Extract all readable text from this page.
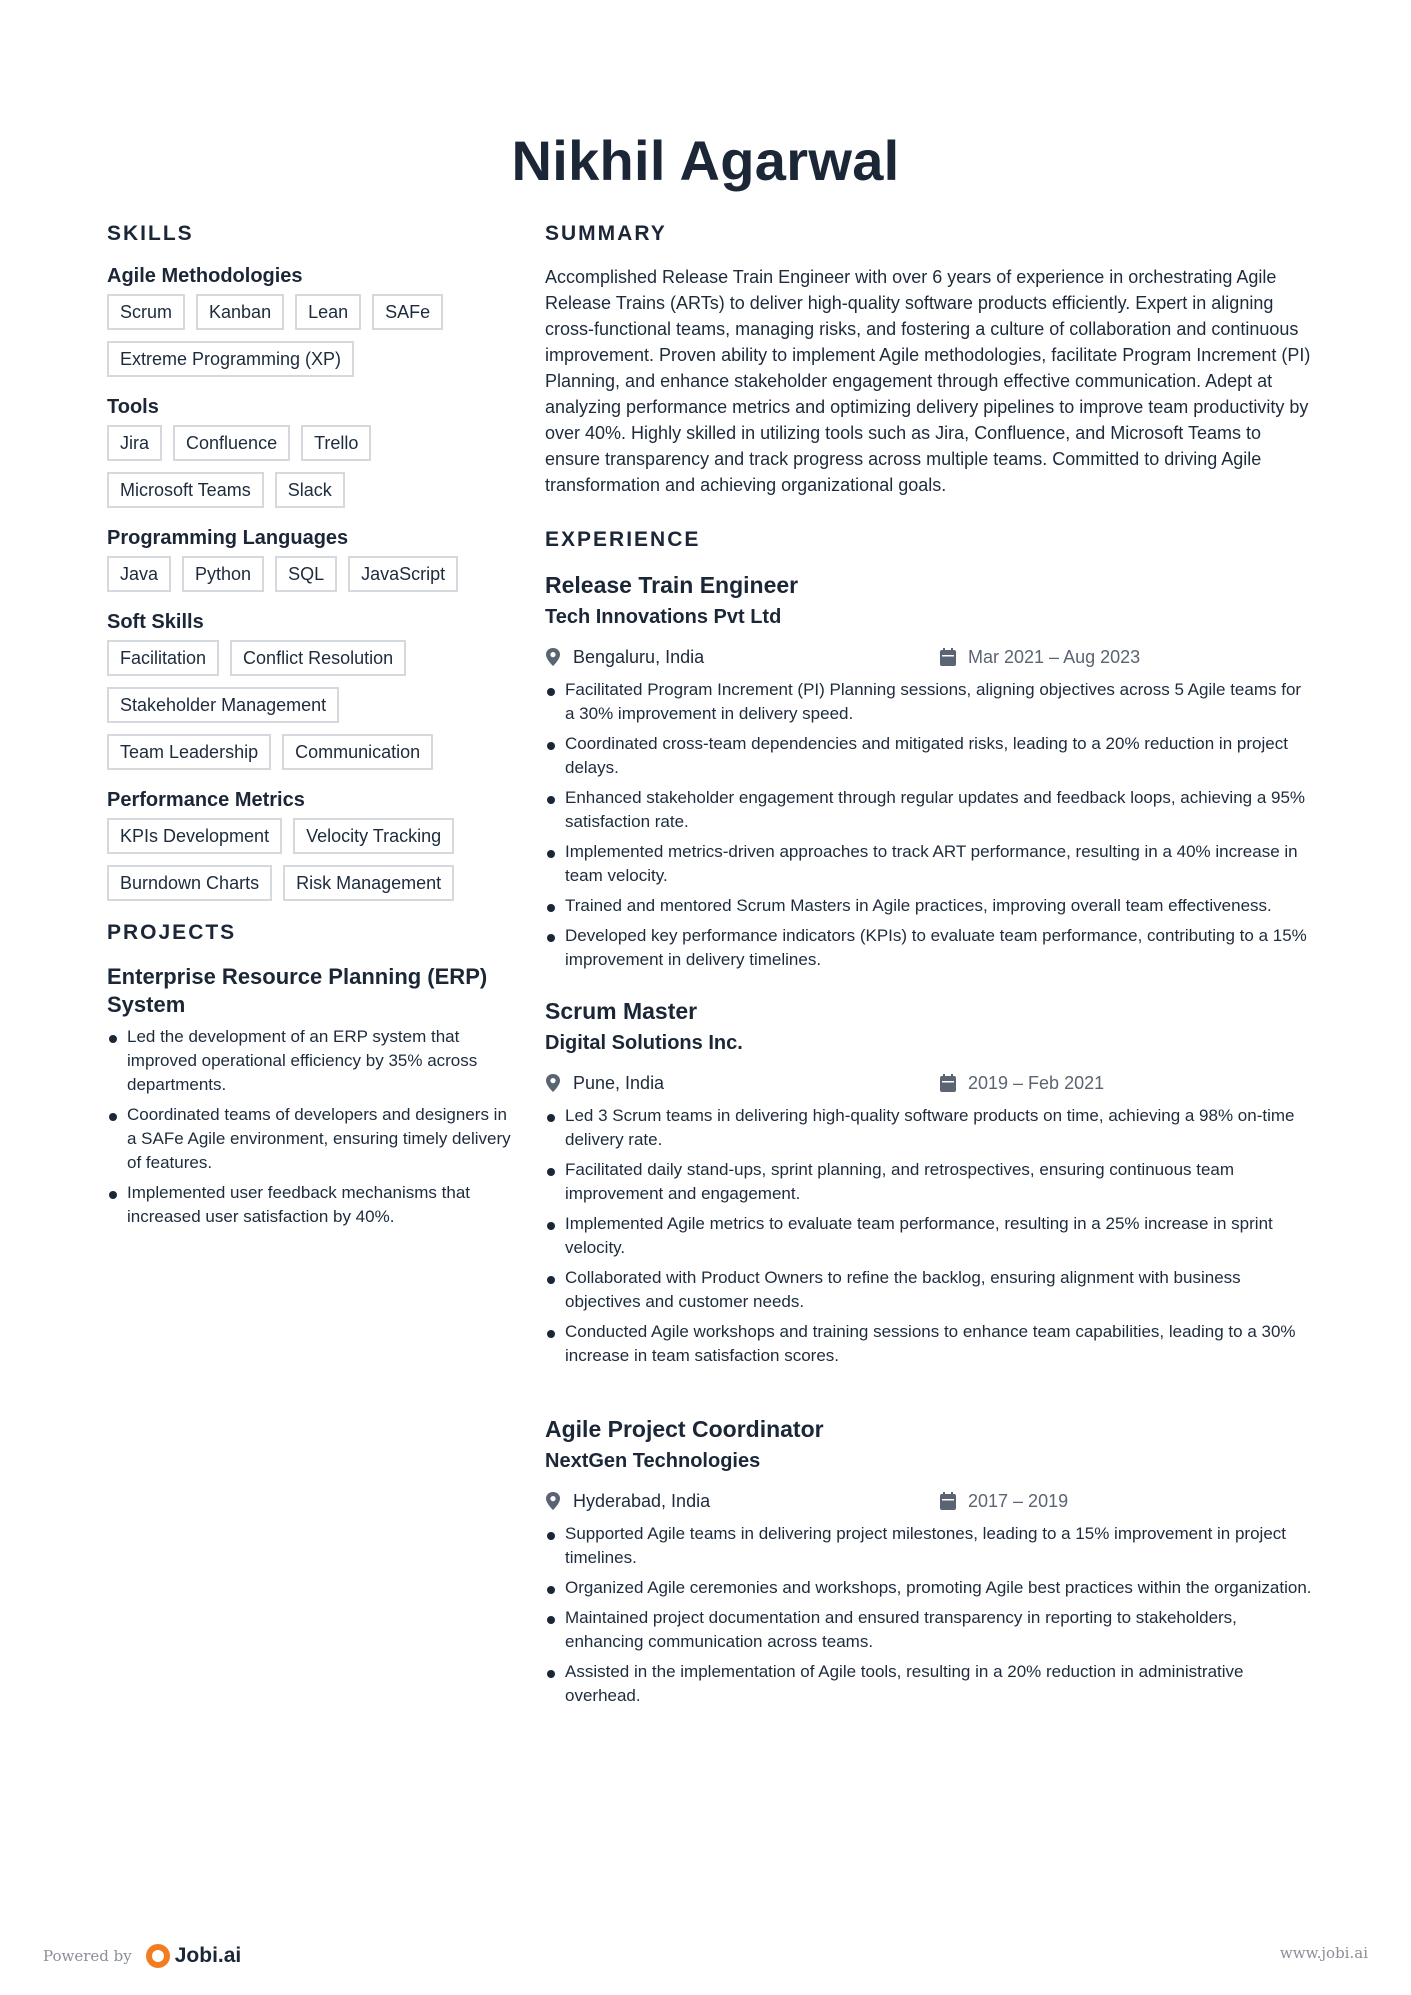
Nikhil Agarwal
SKILLS
Agile Methodologies
Scrum	Kanban	Lean	SAFe
Extreme Programming (XP)
Tools
Jira	Confluence	Trello
Microsoft Teams	Slack
Programming Languages
Java	Python	SQL	JavaScript
Soft Skills
Facilitation	Conflict Resolution
Stakeholder Management
Team Leadership	Communication
Performance Metrics
KPIs Development	Velocity Tracking
Burndown Charts	Risk Management
PROJECTS
Enterprise Resource Planning (ERP) System
Led the development of an ERP system that improved operational efficiency by 35% across departments.
Coordinated teams of developers and designers in a SAFe Agile environment, ensuring timely delivery of features.
Implemented user feedback mechanisms that increased user satisfaction by 40%.
SUMMARY

Accomplished Release Train Engineer with over 6 years of experience in orchestrating Agile Release Trains (ARTs) to deliver high-quality software products efficiently. Expert in aligning cross-functional teams, managing risks, and fostering a culture of collaboration and continuous improvement. Proven ability to implement Agile methodologies, facilitate Program Increment (PI) Planning, and enhance stakeholder engagement through effective communication. Adept at analyzing performance metrics and optimizing delivery pipelines to improve team productivity by over 40%. Highly skilled in utilizing tools such as Jira, Confluence, and Microsoft Teams to ensure transparency and track progress across multiple teams. Committed to driving Agile transformation and achieving organizational goals.

EXPERIENCE
Release Train Engineer
Tech Innovations Pvt Ltd
Bengaluru, India	Mar 2021 – Aug 2023
Facilitated Program Increment (PI) Planning sessions, aligning objectives across 5 Agile teams for a 30% improvement in delivery speed.
Coordinated cross-team dependencies and mitigated risks, leading to a 20% reduction in project delays.
Enhanced stakeholder engagement through regular updates and feedback loops, achieving a 95% satisfaction rate.
Implemented metrics-driven approaches to track ART performance, resulting in a 40% increase in team velocity.
Trained and mentored Scrum Masters in Agile practices, improving overall team effectiveness.
Developed key performance indicators (KPIs) to evaluate team performance, contributing to a 15% improvement in delivery timelines.
Scrum Master
Digital Solutions Inc.
Pune, India	2019 – Feb 2021
Led 3 Scrum teams in delivering high-quality software products on time, achieving a 98% on-time delivery rate.
Facilitated daily stand-ups, sprint planning, and retrospectives, ensuring continuous team improvement and engagement.
Implemented Agile metrics to evaluate team performance, resulting in a 25% increase in sprint velocity.
Collaborated with Product Owners to refine the backlog, ensuring alignment with business objectives and customer needs.
Conducted Agile workshops and training sessions to enhance team capabilities, leading to a 30% increase in team satisfaction scores.
Agile Project Coordinator
NextGen Technologies
Hyderabad, India	2017 – 2019
Supported Agile teams in delivering project milestones, leading to a 15% improvement in project timelines.
Organized Agile ceremonies and workshops, promoting Agile best practices within the organization.
Maintained project documentation and ensured transparency in reporting to stakeholders, enhancing communication across teams.
Assisted in the implementation of Agile tools, resulting in a 20% reduction in administrative overhead.
Powered by Jobi.ai	www.jobi.ai
